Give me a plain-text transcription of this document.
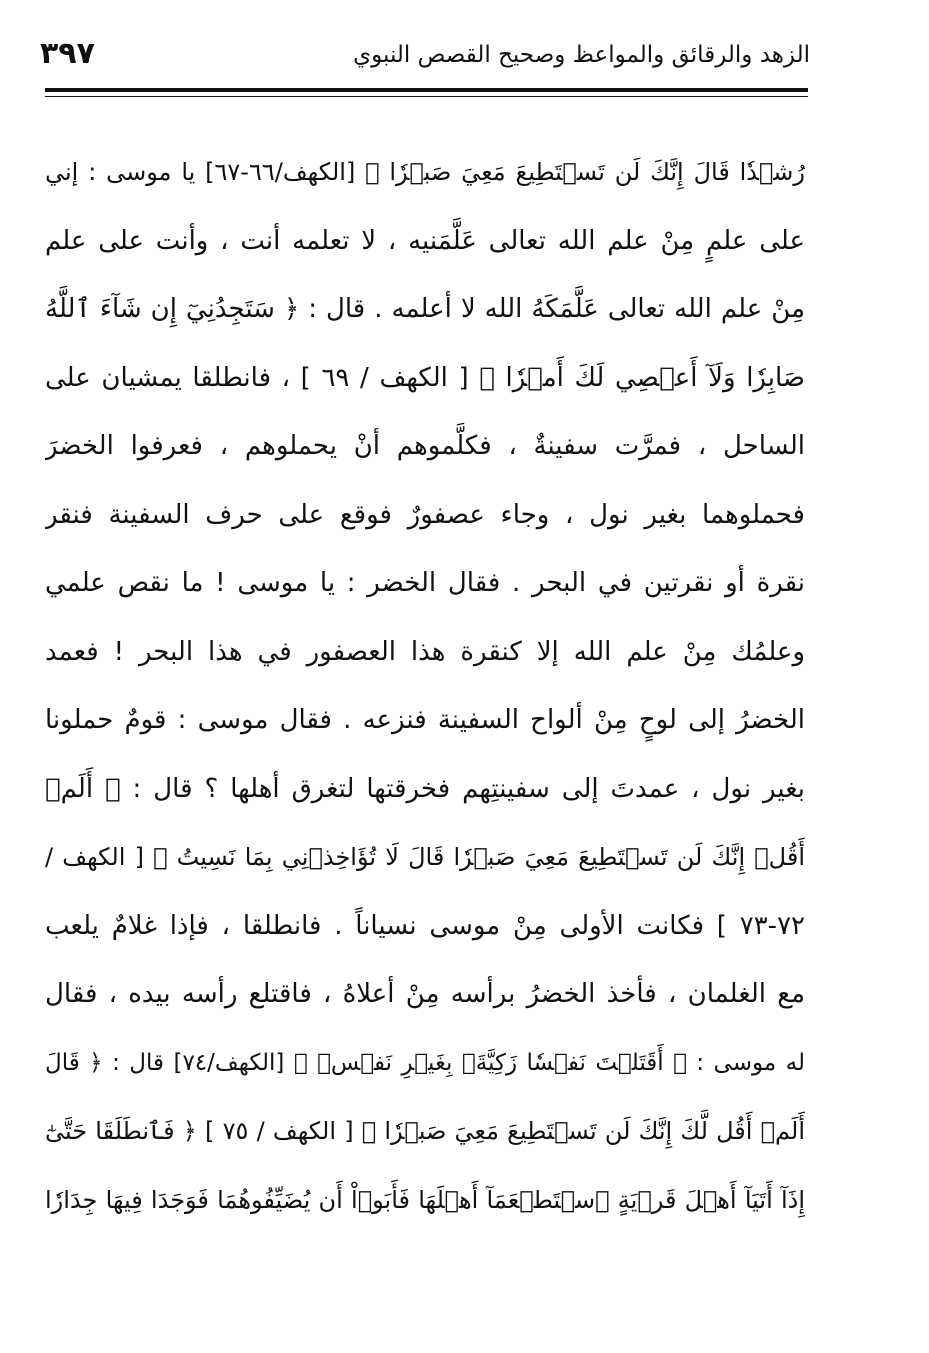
٣٩٧	الزهد والرقائق والمواعظ وصحيح القصص النبوي
رُشۡدٗا قَالَ إِنَّكَ لَن تَسۡتَطِيعَ مَعِيَ صَبۡرٗا ﴾ [الكهف/٦٦-٦٧] يا موسى : إني
على علمٍ مِنْ علم الله تعالى عَلَّمَنيه ، لا تعلمه أنت ، وأنت على علم
مِنْ علم الله تعالى عَلَّمَكَهُ الله لا أعلمه . قال : ﴿ سَتَجِدُنِيٓ إِن شَآءَ ٱللَّهُ
صَابِرٗا وَلَآ أَعۡصِي لَكَ أَمۡرٗا ﴾ [ الكهف / ٦٩ ] ، فانطلقا يمشيان على
الساحل ، فمرَّت سفينةٌ ، فكلَّموهم أنْ يحملوهم ، فعرفوا الخضرَ
فحملوهما بغير نول ، وجاء عصفورٌ فوقع على حرف السفينة فنقر
نقرة أو نقرتين في البحر . فقال الخضر : يا موسى ! ما نقص علمي
وعلمُك مِنْ علم الله إلا كنقرة هذا العصفور في هذا البحر ! فعمد
الخضرُ إلى لوحٍ مِنْ ألواح السفينة فنزعه . فقال موسى : قومٌ حملونا
بغير نول ، عمدتَ إلى سفينتِهم فخرقتها لتغرق أهلها ؟ قال : ﴿ أَلَمۡ
أَقُلۡ إِنَّكَ لَن تَسۡتَطِيعَ مَعِيَ صَبۡرٗا قَالَ لَا تُؤَاخِذۡنِي بِمَا نَسِيتُ ﴾ [ الكهف /
٧٢-٧٣ ] فكانت الأولى مِنْ موسى نسياناً . فانطلقا ، فإذا غلامٌ يلعب
مع الغلمان ، فأخذ الخضرُ برأسه مِنْ أعلاهُ ، فاقتلع رأسه بيده ، فقال
له موسى : ﴿ أَقَتَلۡتَ نَفۡسٗا زَكِيَّةَۢ بِغَيۡرِ نَفۡسٖ ﴾ [الكهف/٧٤] قال : ﴿ قَالَ
أَلَمۡ أَقُل لَّكَ إِنَّكَ لَن تَسۡتَطِيعَ مَعِيَ صَبۡرٗا ﴾ [ الكهف / ٧٥ ] ﴿ فَٱنطَلَقَا حَتَّىٰٓ
إِذَآ أَتَيَآ أَهۡلَ قَرۡيَةٍ ٱسۡتَطۡعَمَآ أَهۡلَهَا فَأَبَوۡاْ أَن يُضَيِّفُوهُمَا فَوَجَدَا فِيهَا جِدَارٗا
